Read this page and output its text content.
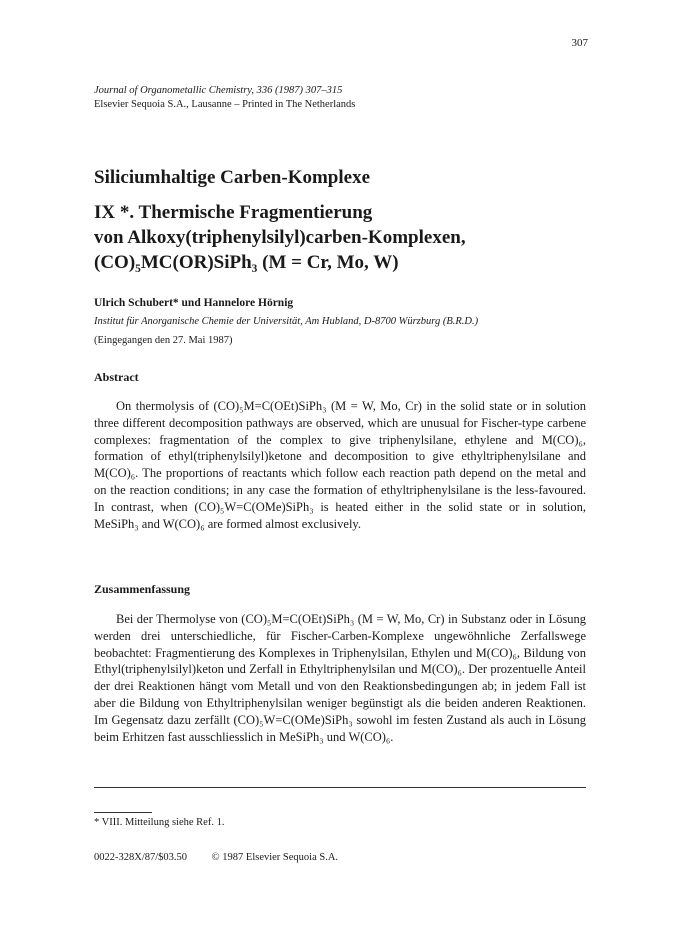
307
Journal of Organometallic Chemistry, 336 (1987) 307–315
Elsevier Sequoia S.A., Lausanne – Printed in The Netherlands
Siliciumhaltige Carben-Komplexe
IX *. Thermische Fragmentierung
von Alkoxy(triphenylsilyl)carben-Komplexen,
(CO)₅MC(OR)SiPh₃ (M = Cr, Mo, W)
Ulrich Schubert* und Hannelore Hörnig
Institut für Anorganische Chemie der Universität, Am Hubland, D-8700 Würzburg (B.R.D.)
(Eingegangen den 27. Mai 1987)
Abstract

On thermolysis of (CO)₅M=C(OEt)SiPh₃ (M = W, Mo, Cr) in the solid state or in solution three different decomposition pathways are observed, which are unusual for Fischer-type carbene complexes: fragmentation of the complex to give triphenylsilane, ethylene and M(CO)₆, formation of ethyl(triphenylsilyl)ketone and decomposition to give ethyltriphenylsilane and M(CO)₆. The proportions of reactants which follow each reaction path depend on the metal and on the reaction conditions; in any case the formation of ethyltriphenylsilane is the less-favoured. In contrast, when (CO)₅W=C(OMe)SiPh₃ is heated either in the solid state or in solution, MeSiPh₃ and W(CO)₆ are formed almost exclusively.

Zusammenfassung

Bei der Thermolyse von (CO)₅M=C(OEt)SiPh₃ (M = W, Mo, Cr) in Substanz oder in Lösung werden drei unterschiedliche, für Fischer-Carben-Komplexe ungewöhnliche Zerfallswege beobachtet: Fragmentierung des Komplexes in Triphenylsilan, Ethylen und M(CO)₆, Bildung von Ethyl(triphenylsilyl)keton und Zerfall in Ethyltriphenylsilan und M(CO)₆. Der prozentuelle Anteil der drei Reaktionen hängt vom Metall und von den Reaktionsbedingungen ab; in jedem Fall ist aber die Bildung von Ethyltriphenylsilan weniger begünstigt als die beiden anderen Reaktionen. Im Gegensatz dazu zerfällt (CO)₅W=C(OMe)SiPh₃ sowohl im festen Zustand als auch in Lösung beim Erhitzen fast ausschliesslich in MeSiPh₃ und W(CO)₆.

* VIII. Mitteilung siehe Ref. 1.
0022-328X/87/$03.50 © 1987 Elsevier Sequoia S.A.
